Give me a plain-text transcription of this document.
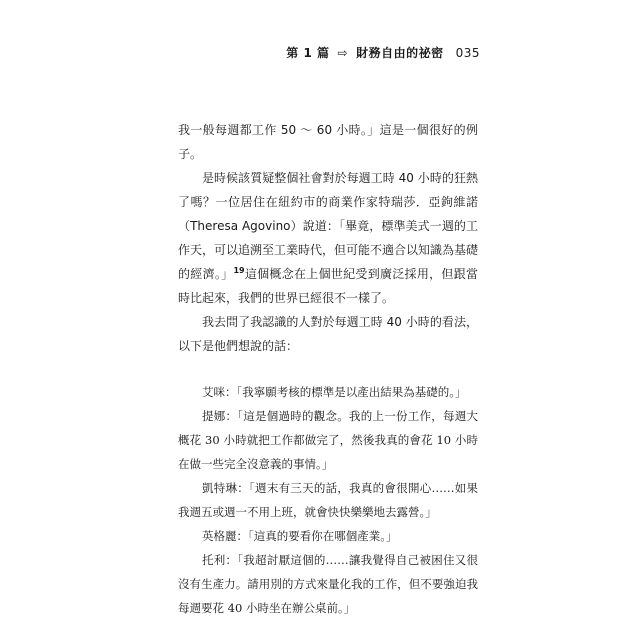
第 1 篇 ⇨ 財務自由的祕密 035

我一般每週都工作 50 ～ 60 小時。」這是一個很好的例子。

是時候該質疑整個社會對於每週工時 40 小時的狂熱了嗎？一位居住在紐約市的商業作家特瑞莎．亞鉤維諾（Theresa Agovino）說道：「畢竟，標準美式一週的工作天，可以追溯至工業時代，但可能不適合以知識為基礎的經濟。」$^{19}$這個概念在上個世紀受到廣泛採用，但跟當時比起來，我們的世界已經很不一樣了。

我去問了我認識的人對於每週工時 40 小時的看法，以下是他們想說的話：

艾咪：「我寧願考核的標準是以產出結果為基礎的。」

提娜：「這是個過時的觀念。我的上一份工作，每週大概花 30 小時就把工作都做完了，然後我真的會花 10 小時在做一些完全沒意義的事情。」

凱特琳：「週末有三天的話，我真的會很開心……如果我週五或週一不用上班，就會快快樂樂地去露營。」

英格麗：「這真的要看你在哪個產業。」

托利：「我超討厭這個的……讓我覺得自己被困住又很沒有生產力。請用別的方式來量化我的工作，但不要強迫我每週要花 40 小時坐在辦公桌前。」
